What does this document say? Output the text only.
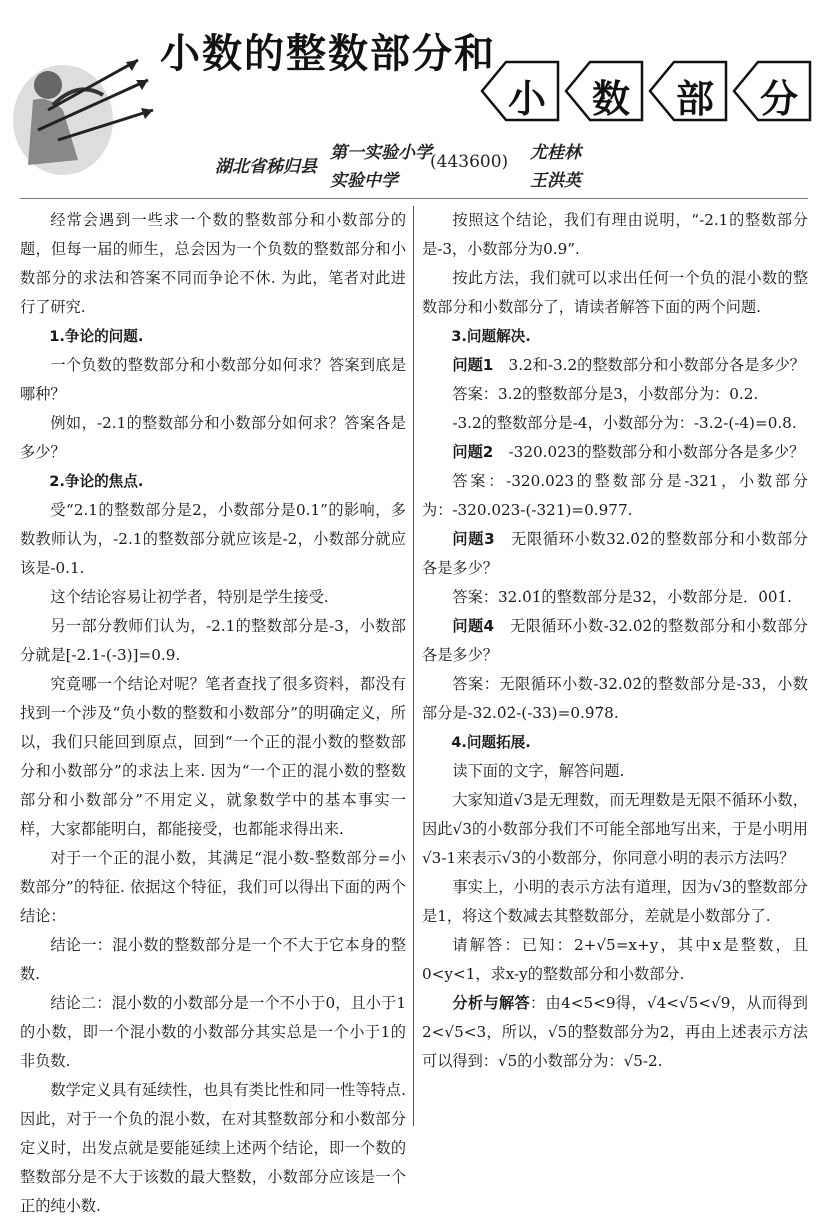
小数的整数部分和
小 数 部 分
湖北省秭归县
第一实验小学
实验中学
(443600) 尤桂林
王洪英

经常会遇到一些求一个数的整数部分和小数部分的题，但每一届的师生，总会因为一个负数的整数部分和小数部分的求法和答案不同而争论不休. 为此，笔者对此进行了研究.

1.争论的问题.

一个负数的整数部分和小数部分如何求？答案到底是哪种？

例如，-2.1的整数部分和小数部分如何求？答案各是多少？

2.争论的焦点.

受“2.1的整数部分是2，小数部分是0.1”的影响，多数教师认为，-2.1的整数部分就应该是-2，小数部分就应该是-0.1.

这个结论容易让初学者，特别是学生接受.

另一部分教师们认为，-2.1的整数部分是-3，小数部分就是[-2.1-(-3)]=0.9.

究竟哪一个结论对呢？笔者查找了很多资料，都没有找到一个涉及“负小数的整数和小数部分”的明确定义，所以，我们只能回到原点，回到“一个正的混小数的整数部分和小数部分”的求法上来. 因为“一个正的混小数的整数部分和小数部分”不用定义，就象数学中的基本事实一样，大家都能明白，都能接受，也都能求得出来.

对于一个正的混小数，其满足“混小数-整数部分=小数部分”的特征. 依据这个特征，我们可以得出下面的两个结论：

结论一：混小数的整数部分是一个不大于它本身的整数.

结论二：混小数的小数部分是一个不小于0，且小于1的小数，即一个混小数的小数部分其实总是一个小于1的非负数.

数学定义具有延续性，也具有类比性和同一性等特点. 因此，对于一个负的混小数，在对其整数部分和小数部分定义时，出发点就是要能延续上述两个结论，即一个数的整数部分是不大于该数的最大整数，小数部分应该是一个正的纯小数.

按照这个结论，我们有理由说明，“-2.1的整数部分是-3，小数部分为0.9”.

按此方法，我们就可以求出任何一个负的混小数的整数部分和小数部分了，请读者解答下面的两个问题.

3.问题解决.

问题1　3.2和-3.2的整数部分和小数部分各是多少？

答案：3.2的整数部分是3，小数部分为：0.2.

-3.2的整数部分是-4，小数部分为：-3.2-(-4)=0.8.

问题2　-320.023的整数部分和小数部分各是多少？

答案：-320.023的整数部分是-321，小数部分为：-320.023-(-321)=0.977.

问题3　无限循环小数32.0̇2̇的整数部分和小数部分各是多少？

答案：32.0̇1̇的整数部分是32，小数部分是．0̇0̇1̇.

问题4　无限循环小数-32.0̇2̇的整数部分和小数部分各是多少？

答案：无限循环小数-32.0̇2̇的整数部分是-33，小数部分是-32.0̇2̇-(-33)=0.9̇7̇8.

4.问题拓展.

读下面的文字，解答问题.

大家知道√3是无理数，而无理数是无限不循环小数，因此√3的小数部分我们不可能全部地写出来，于是小明用√3-1来表示√3的小数部分，你同意小明的表示方法吗？

事实上，小明的表示方法有道理，因为√3的整数部分是1，将这个数减去其整数部分，差就是小数部分了.

请解答：已知：2+√5=x+y，其中x是整数，且0<y<1，求x-y的整数部分和小数部分.

分析与解答：由4<5<9得，√4<√5<√9，从而得到2<√5<3，所以，√5的整数部分为2，再由上述表示方法可以得到：√5的小数部分为：√5-2.
